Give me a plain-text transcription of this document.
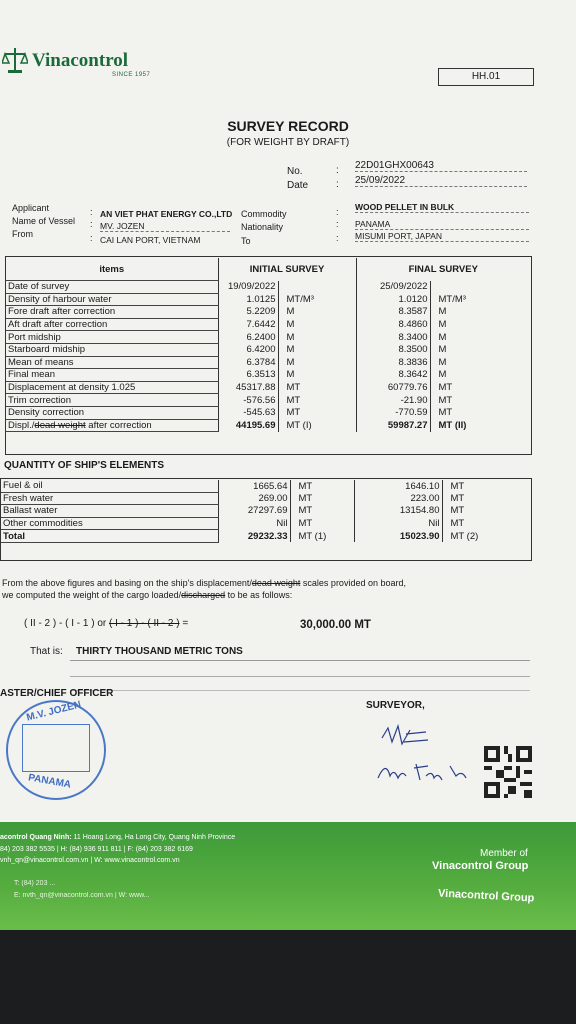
Vinacontrol
SINCE 1957	HH.01
SURVEY RECORD
(FOR WEIGHT BY DRAFT)
No.	: 22D01GHX00643
Date	: 25/09/2022
Applicant	: AN VIET PHAT ENERGY CO.,LTD
Name of Vessel : MV. JOZEN
From	: CAI LAN PORT, VIETNAM
Commodity	: WOOD PELLET IN BULK
Nationality	: PANAMA
To	: MISUMI PORT, JAPAN
items	INITIAL SURVEY		FINAL SURVEY	
Date of survey	19/09/2022		25/09/2022	
Density of harbour water	1.0125	MT/M³	1.0120	MT/M³
Fore draft after correction	5.2209	M	8.3587	M
Aft draft after correction	7.6442	M	8.4860	M
Port midship	6.2400	M	8.3400	M
Starboard midship	6.4200	M	8.3500	M
Mean of means	6.3784	M	8.3836	M
Final mean	6.3513	M	8.3642	M
Displacement at density 1.025	45317.88	MT	60779.76	MT
Trim correction	-576.56	MT	-21.90	MT
Density correction	-545.63	MT	-770.59	MT
Displ./dead weight after correction	44195.69	MT (I)	59987.27	MT (II)
QUANTITY OF SHIP'S ELEMENTS
Fuel & oil	1665.64	MT	1646.10	MT
Fresh water	269.00	MT	223.00	MT
Ballast water	27297.69	MT	13154.80	MT
Other commodities	Nil	MT	Nil	MT
Total	29232.33	MT (1)	15023.90	MT (2)
From the above figures and basing on the ship's displacement/dead weight scales provided on board,
we computed the weight of the cargo loaded/discharged to be as follows:
( II - 2 ) - ( I - 1 ) or ( I - 1 ) - ( II - 2 ) =	30,000.00 MT
That is: THIRTY THOUSAND METRIC TONS
ASTER/CHIEF OFFICER
SURVEYOR,
M.V. JOZEN
PANAMA
acontrol Quang Ninh: 11 Hoang Long, Ha Long City, Quang Ninh Province
84) 203 382 5535 | H: (84) 936 911 811 | F: (84) 203 382 6169
vnh_qn@vinacontrol.com.vn | W: www.vinacontrol.com.vn
T: (84) 203 ...
E: nvth_qn@vinacontrol.com.vn | W: www...
Member of
Vinacontrol Group
Vinacontrol Group
